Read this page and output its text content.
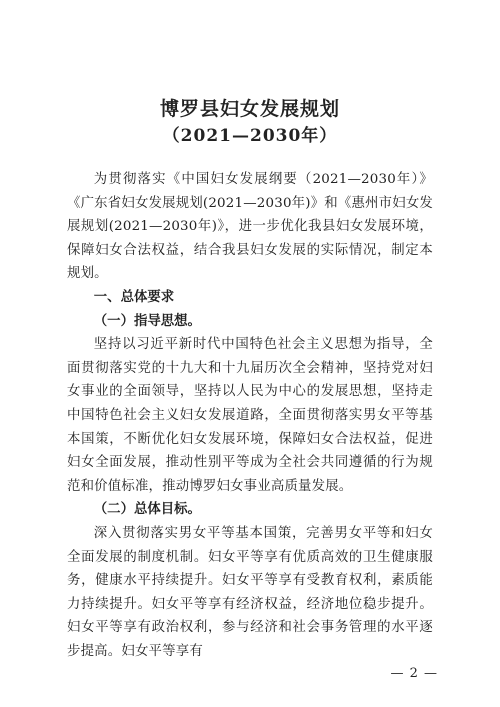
博罗县妇女发展规划
（2021—2030年）

为贯彻落实《中国妇女发展纲要（2021—2030年）》《广东省妇女发展规划(2021—2030年)》和《惠州市妇女发展规划(2021—2030年)》，进一步优化我县妇女发展环境，保障妇女合法权益，结合我县妇女发展的实际情况，制定本规划。

一、总体要求

（一）指导思想。

坚持以习近平新时代中国特色社会主义思想为指导，全面贯彻落实党的十九大和十九届历次全会精神，坚持党对妇女事业的全面领导，坚持以人民为中心的发展思想，坚持走中国特色社会主义妇女发展道路，全面贯彻落实男女平等基本国策，不断优化妇女发展环境，保障妇女合法权益，促进妇女全面发展，推动性别平等成为全社会共同遵循的行为规范和价值标准，推动博罗妇女事业高质量发展。

（二）总体目标。

深入贯彻落实男女平等基本国策，完善男女平等和妇女全面发展的制度机制。妇女平等享有优质高效的卫生健康服务，健康水平持续提升。妇女平等享有受教育权利，素质能力持续提升。妇女平等享有经济权益，经济地位稳步提升。妇女平等享有政治权利，参与经济和社会事务管理的水平逐步提高。妇女平等享有

— 2 —
